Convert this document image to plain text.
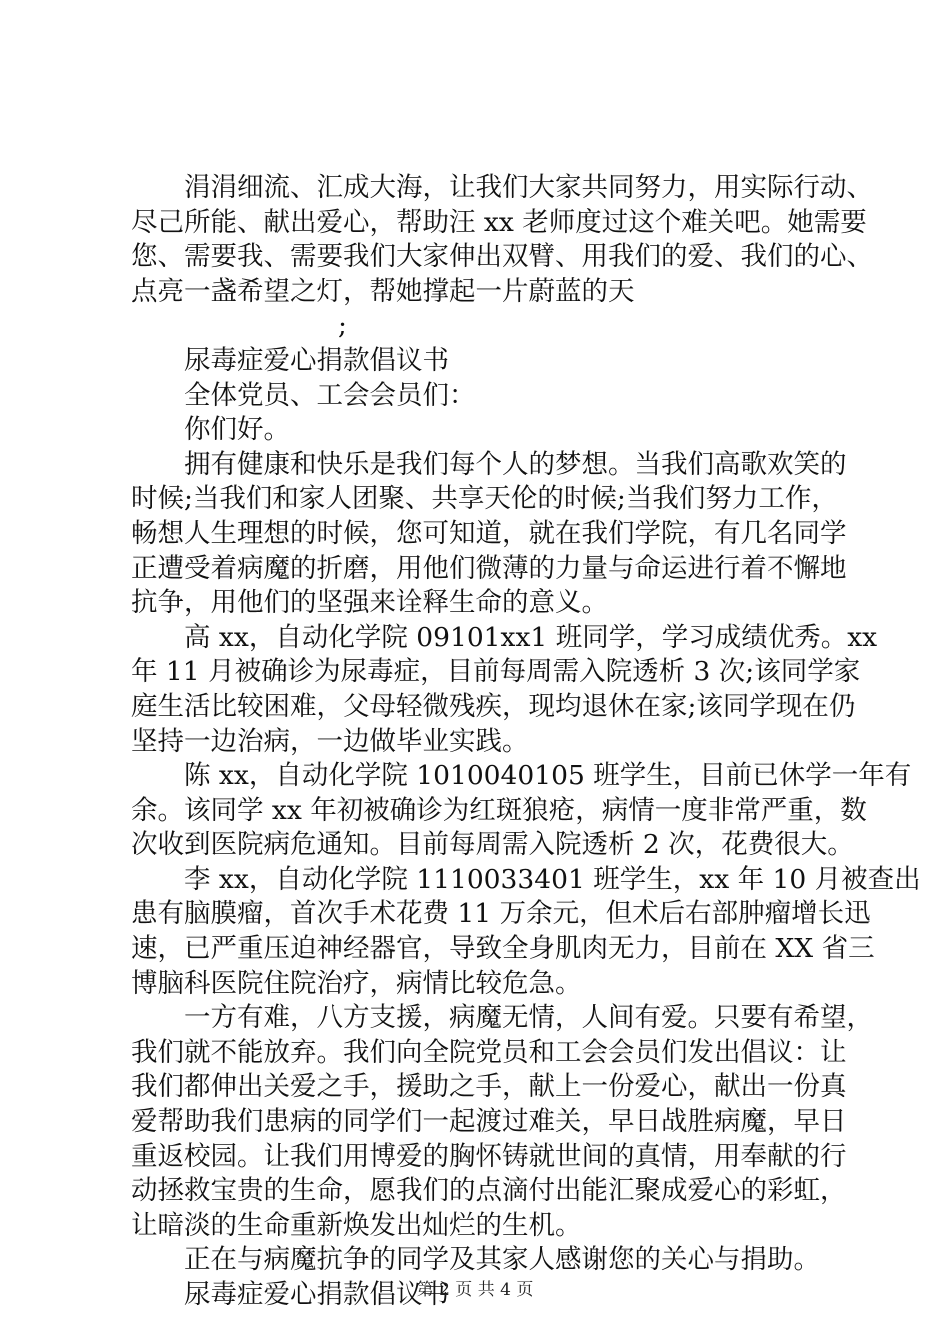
涓涓细流、汇成大海，让我们大家共同努力，用实际行动、
尽己所能、献出爱心，帮助汪 xx 老师度过这个难关吧。她需要
您、需要我、需要我们大家伸出双臂、用我们的爱、我们的心、
点亮一盏希望之灯，帮她撑起一片蔚蓝的天
;
尿毒症爱心捐款倡议书
全体党员、工会会员们：
你们好。
拥有健康和快乐是我们每个人的梦想。当我们高歌欢笑的
时候;当我们和家人团聚、共享天伦的时候;当我们努力工作，
畅想人生理想的时候，您可知道，就在我们学院，有几名同学
正遭受着病魔的折磨，用他们微薄的力量与命运进行着不懈地
抗争，用他们的坚强来诠释生命的意义。
高 xx，自动化学院 09101xx1 班同学，学习成绩优秀。xx
年 11 月被确诊为尿毒症，目前每周需入院透析 3 次;该同学家
庭生活比较困难，父母轻微残疾，现均退休在家;该同学现在仍
坚持一边治病，一边做毕业实践。
陈 xx，自动化学院 1010040105 班学生，目前已休学一年有
余。该同学 xx 年初被确诊为红斑狼疮，病情一度非常严重，数
次收到医院病危通知。目前每周需入院透析 2 次，花费很大。
李 xx，自动化学院 1110033401 班学生，xx 年 10 月被查出
患有脑膜瘤，首次手术花费 11 万余元，但术后右部肿瘤增长迅
速，已严重压迫神经器官，导致全身肌肉无力，目前在 XX 省三
博脑科医院住院治疗，病情比较危急。
一方有难，八方支援，病魔无情，人间有爱。只要有希望，
我们就不能放弃。我们向全院党员和工会会员们发出倡议：让
我们都伸出关爱之手，援助之手，献上一份爱心，献出一份真
爱帮助我们患病的同学们一起渡过难关，早日战胜病魔，早日
重返校园。让我们用博爱的胸怀铸就世间的真情，用奉献的行
动拯救宝贵的生命，愿我们的点滴付出能汇聚成爱心的彩虹，
让暗淡的生命重新焕发出灿烂的生机。
正在与病魔抗争的同学及其家人感谢您的关心与捐助。
尿毒症爱心捐款倡议书
第 2 页 共 4 页
